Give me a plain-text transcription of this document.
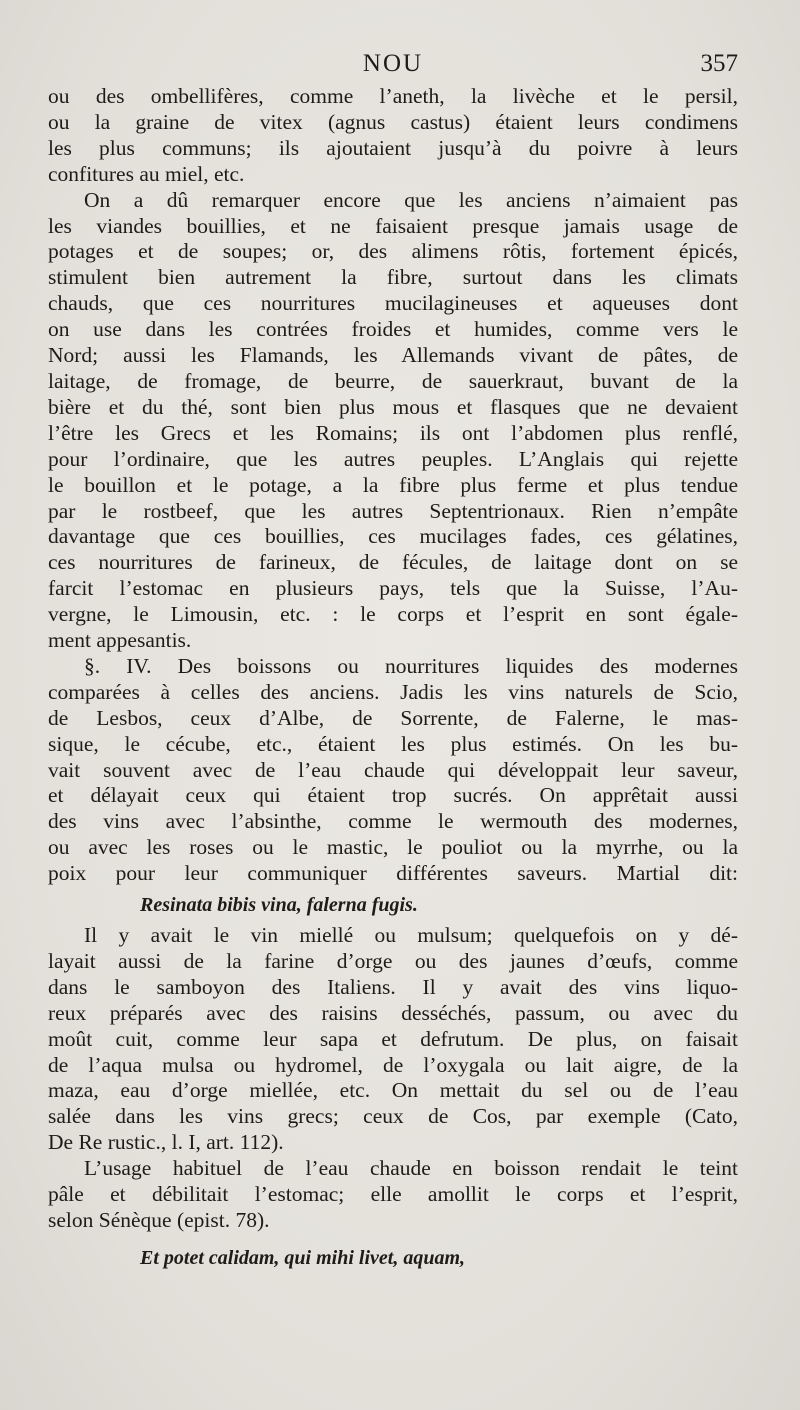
NOU	357
ou des ombellifères, comme l’aneth, la livèche et le persil,
ou la graine de vitex (agnus castus) étaient leurs condimens
les plus communs; ils ajoutaient jusqu’à du poivre à leurs
confitures au miel, etc.
On a dû remarquer encore que les anciens n’aimaient pas
les viandes bouillies, et ne faisaient presque jamais usage de
potages et de soupes; or, des alimens rôtis, fortement épicés,
stimulent bien autrement la fibre, surtout dans les climats
chauds, que ces nourritures mucilagineuses et aqueuses dont
on use dans les contrées froides et humides, comme vers le
Nord; aussi les Flamands, les Allemands vivant de pâtes, de
laitage, de fromage, de beurre, de sauerkraut, buvant de la
bière et du thé, sont bien plus mous et flasques que ne devaient
l’être les Grecs et les Romains; ils ont l’abdomen plus renflé,
pour l’ordinaire, que les autres peuples. L’Anglais qui rejette
le bouillon et le potage, a la fibre plus ferme et plus tendue
par le rostbeef, que les autres Septentrionaux. Rien n’empâte
davantage que ces bouillies, ces mucilages fades, ces gélatines,
ces nourritures de farineux, de fécules, de laitage dont on se
farcit l’estomac en plusieurs pays, tels que la Suisse, l’Au-
vergne, le Limousin, etc. : le corps et l’esprit en sont égale-
ment appesantis.
§. IV. Des boissons ou nourritures liquides des modernes
comparées à celles des anciens. Jadis les vins naturels de Scio,
de Lesbos, ceux d’Albe, de Sorrente, de Falerne, le mas-
sique, le cécube, etc., étaient les plus estimés. On les bu-
vait souvent avec de l’eau chaude qui développait leur saveur,
et délayait ceux qui étaient trop sucrés. On apprêtait aussi
des vins avec l’absinthe, comme le wermouth des modernes,
ou avec les roses ou le mastic, le pouliot ou la myrrhe, ou la
poix pour leur communiquer différentes saveurs. Martial dit:
Resinata bibis vina, falerna fugis.
Il y avait le vin miellé ou mulsum; quelquefois on y dé-
layait aussi de la farine d’orge ou des jaunes d’œufs, comme
dans le samboyon des Italiens. Il y avait des vins liquo-
reux préparés avec des raisins desséchés, passum, ou avec du
moût cuit, comme leur sapa et defrutum. De plus, on faisait
de l’aqua mulsa ou hydromel, de l’oxygala ou lait aigre, de la
maza, eau d’orge miellée, etc. On mettait du sel ou de l’eau
salée dans les vins grecs; ceux de Cos, par exemple (Cato,
De Re rustic., l. I, art. 112).
L’usage habituel de l’eau chaude en boisson rendait le teint
pâle et débilitait l’estomac; elle amollit le corps et l’esprit,
selon Sénèque (epist. 78).
Et potet calidam, qui mihi livet, aquam,
